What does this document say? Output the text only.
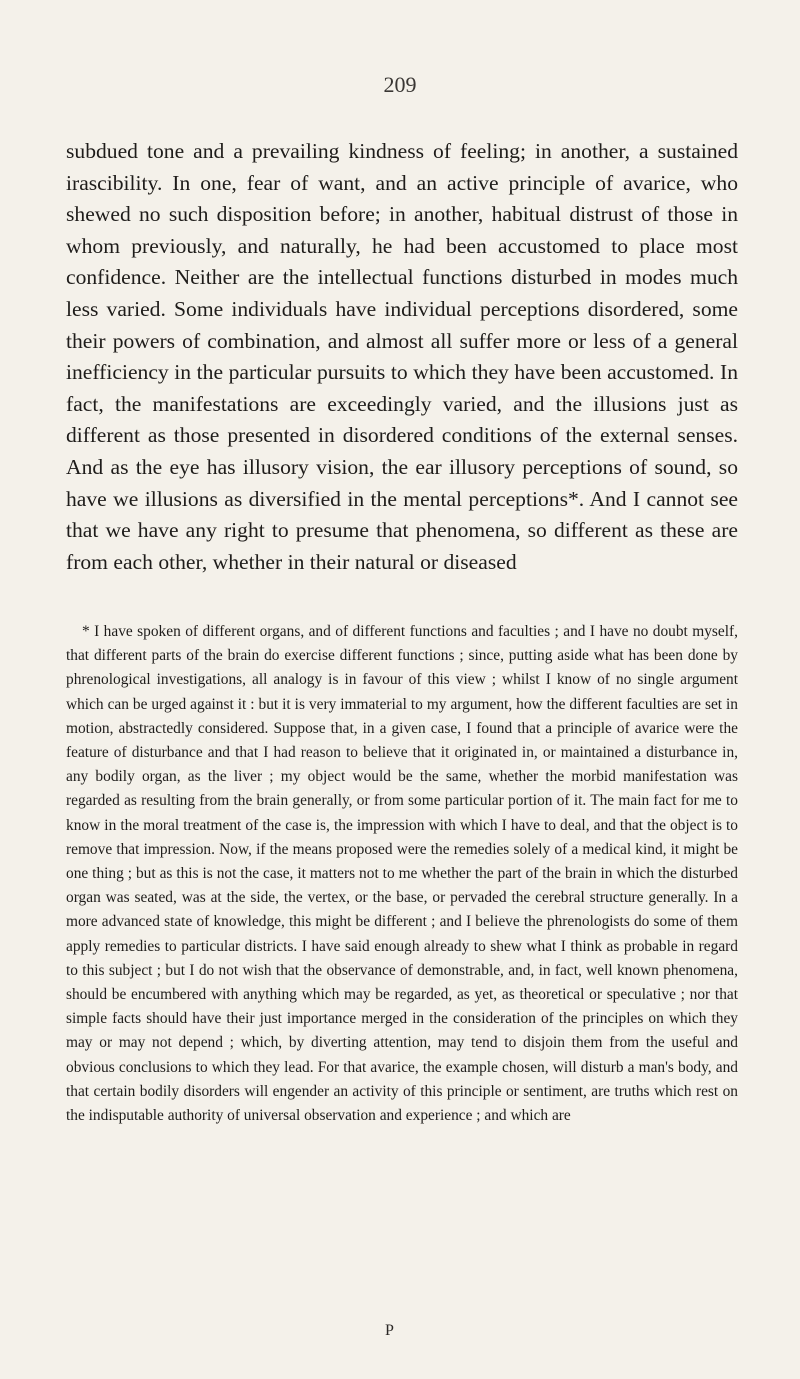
209

subdued tone and a prevailing kindness of feeling; in another, a sustained irascibility. In one, fear of want, and an active principle of avarice, who shewed no such disposition before; in another, habitual distrust of those in whom previously, and naturally, he had been accustomed to place most confidence. Neither are the intellectual functions disturbed in modes much less varied. Some individuals have individual perceptions disordered, some their powers of combination, and almost all suffer more or less of a general inefficiency in the particular pursuits to which they have been accustomed. In fact, the manifestations are exceedingly varied, and the illusions just as different as those presented in disordered conditions of the external senses. And as the eye has illusory vision, the ear illusory perceptions of sound, so have we illusions as diversified in the mental perceptions*. And I cannot see that we have any right to presume that phenomena, so different as these are from each other, whether in their natural or diseased

* I have spoken of different organs, and of different functions and faculties ; and I have no doubt myself, that different parts of the brain do exercise different functions ; since, putting aside what has been done by phrenological investigations, all analogy is in favour of this view ; whilst I know of no single argument which can be urged against it : but it is very immaterial to my argument, how the different faculties are set in motion, abstractedly considered. Suppose that, in a given case, I found that a principle of avarice were the feature of disturbance and that I had reason to believe that it originated in, or maintained a disturbance in, any bodily organ, as the liver ; my object would be the same, whether the morbid manifestation was regarded as resulting from the brain generally, or from some particular portion of it. The main fact for me to know in the moral treatment of the case is, the impression with which I have to deal, and that the object is to remove that impression. Now, if the means proposed were the remedies solely of a medical kind, it might be one thing ; but as this is not the case, it matters not to me whether the part of the brain in which the disturbed organ was seated, was at the side, the vertex, or the base, or pervaded the cerebral structure generally. In a more advanced state of knowledge, this might be different ; and I believe the phrenologists do some of them apply remedies to particular districts. I have said enough already to shew what I think as probable in regard to this subject ; but I do not wish that the observance of demonstrable, and, in fact, well known phenomena, should be encumbered with anything which may be regarded, as yet, as theoretical or speculative ; nor that simple facts should have their just importance merged in the consideration of the principles on which they may or may not depend ; which, by diverting attention, may tend to disjoin them from the useful and obvious conclusions to which they lead. For that avarice, the example chosen, will disturb a man's body, and that certain bodily disorders will engender an activity of this principle or sentiment, are truths which rest on the indisputable authority of universal observation and experience ; and which are

P
